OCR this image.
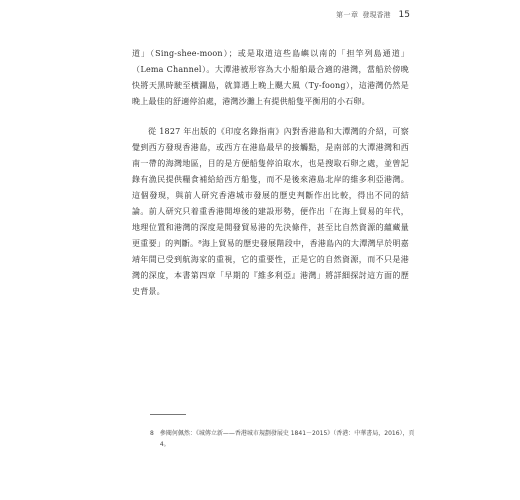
第一章 發現香港 15

道」（Sing-shee-moon）；或是取道這些島嶼以南的「担竿列島通道」（Lema Channel）。大潭港被形容為大小船舶最合適的港灣，當船於傍晚快將天黑時駛至橫瀾島，就算遇上晚上颶大風（Ty-foong），這港灣仍然是晚上最佳的舒適停泊處，港灣沙灘上有提供船隻平衡用的小石卵。

從 1827 年出版的《印度名錄指南》內對香港島和大潭灣的介紹，可察覺到西方發現香港島，或西方在港島最早的接觸點，是南部的大潭港灣和西南一帶的海灣地區，目的是方便船隻停泊取水，也是搜取石卵之處，並曾記錄有漁民提供糧食補給給西方船隻，而不是後來港島北岸的維多利亞港灣。這個發現，與前人研究香港城市發展的歷史判斷作出比較，得出不同的結論。前人研究只着重香港開埠後的建設形勢，便作出「在海上貿易的年代，地理位置和港灣的深度是開發貿易港的先決條件，甚至比自然資源的蘊藏量更重要」的判斷。⁸海上貿易的歷史發展階段中，香港島內的大潭灣早於明嘉靖年間已受到航海家的重視，它的重要性，正是它的自然資源，而不只是港灣的深度，本書第四章「早期的『維多利亞』港灣」將詳細探討這方面的歷史背景。

8 參閱何佩然：《城傳立新——香港城市規劃發展史 1841－2015》（香港：中華書局，2016），頁 4。
